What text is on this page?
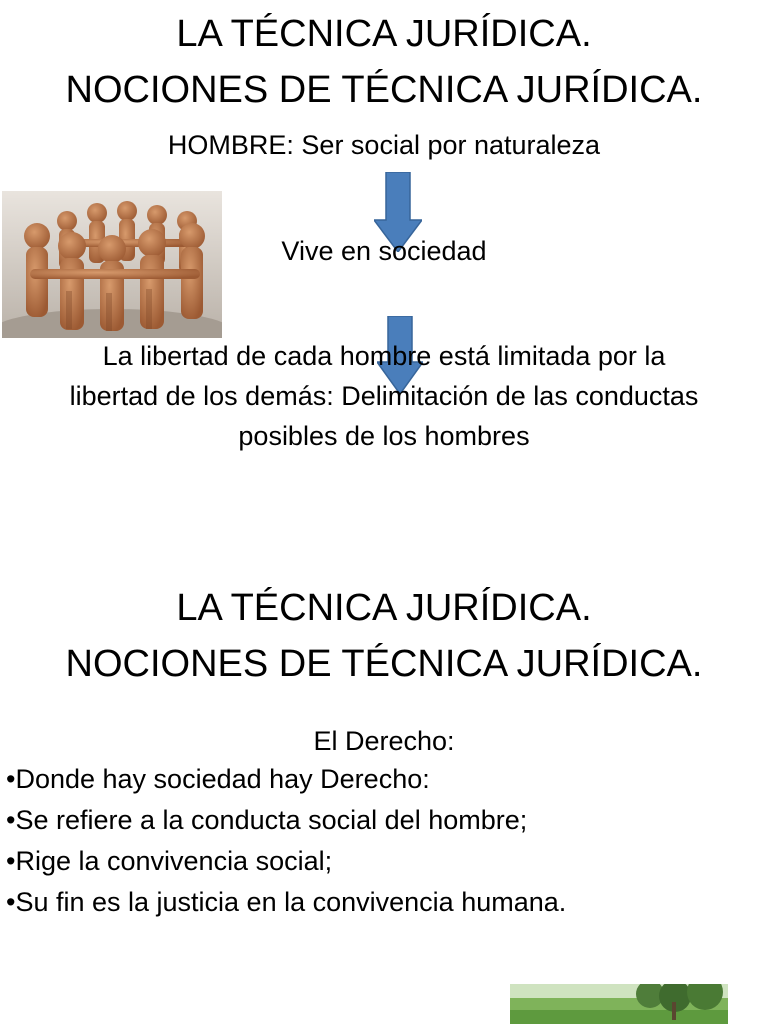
LA TÉCNICA JURÍDICA.
NOCIONES DE TÉCNICA JURÍDICA.

HOMBRE: Ser social por naturaleza

Vive en sociedad

La libertad de cada hombre está limitada por la
libertad de los demás: Delimitación de las conductas
posibles de los hombres
LA TÉCNICA JURÍDICA.
NOCIONES DE TÉCNICA JURÍDICA.

El Derecho:

• Donde hay sociedad hay Derecho:
• Se refiere a la conducta social del hombre;
• Rige la convivencia social;
• Su fin es la justicia en la convivencia humana.
